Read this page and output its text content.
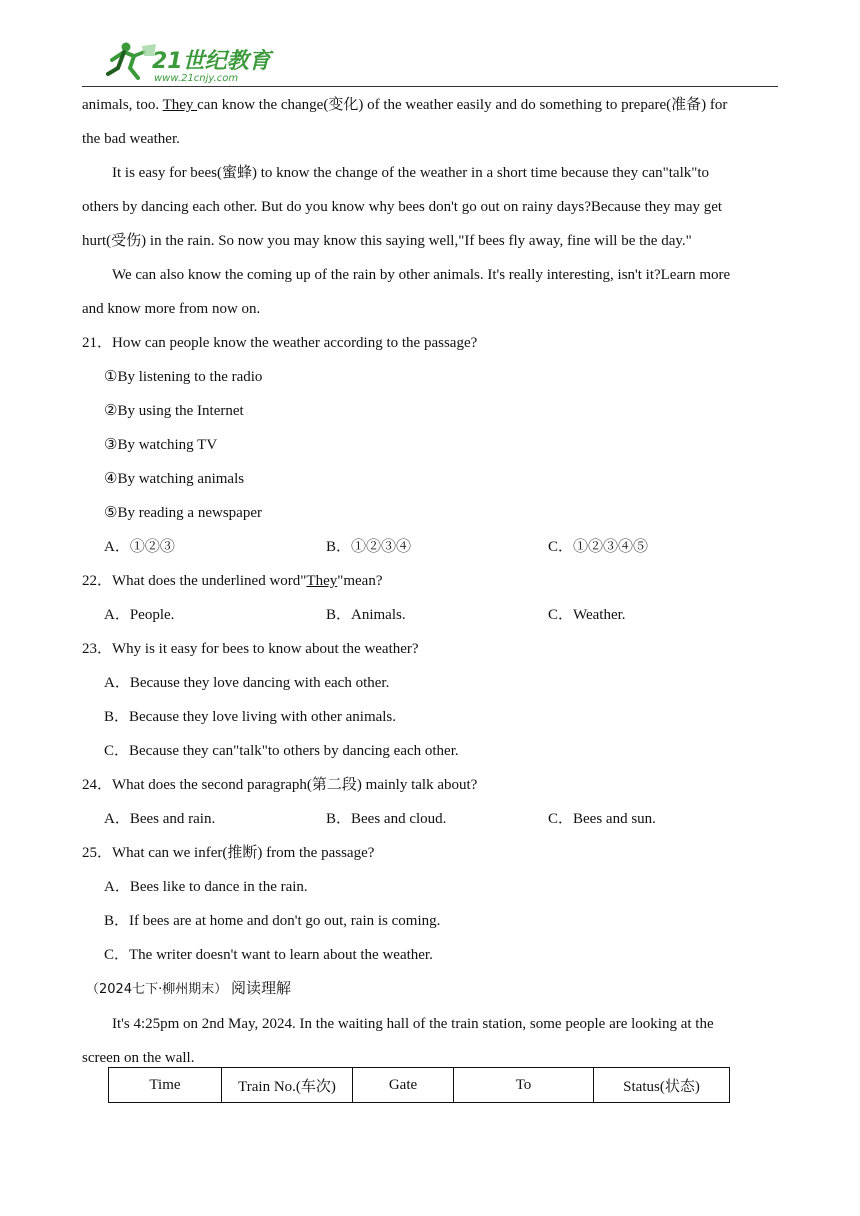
21世纪教育
www.21cnjy.com
animals, too. They can know the change(变化) of the weather easily and do something to prepare(准备) for
the bad weather.
It is easy for bees(蜜蜂) to know the change of the weather in a short time because they can"talk"to
others by dancing each other. But do you know why bees don't go out on rainy days?Because they may get
hurt(受伤) in the rain. So now you may know this saying well,"If bees fly away, fine will be the day."
We can also know the coming up of the rain by other animals. It's really interesting, isn't it?Learn more
and know more from now on.
21．How can people know the weather according to the passage?
①By listening to the radio
②By using the Internet
③By watching TV
④By watching animals
⑤By reading a newspaper
A．①②③	B．①②③④	C．①②③④⑤
22．What does the underlined word"They"mean?
A．People.	B．Animals.	C．Weather.
23．Why is it easy for bees to know about the weather?
A．Because they love dancing with each other.
B．Because they love living with other animals.
C．Because they can"talk"to others by dancing each other.
24．What does the second paragraph(第二段) mainly talk about?
A．Bees and rain.	B．Bees and cloud.	C．Bees and sun.
25．What can we infer(推断) from the passage?
A．Bees like to dance in the rain.
B．If bees are at home and don't go out, rain is coming.
C．The writer doesn't want to learn about the weather.
（2024七下·柳州期末） 阅读理解
It's 4:25pm on 2nd May, 2024. In the waiting hall of the train station, some people are looking at the
screen on the wall.
Time	Train No.(车次)	Gate	To	Status(状态)
